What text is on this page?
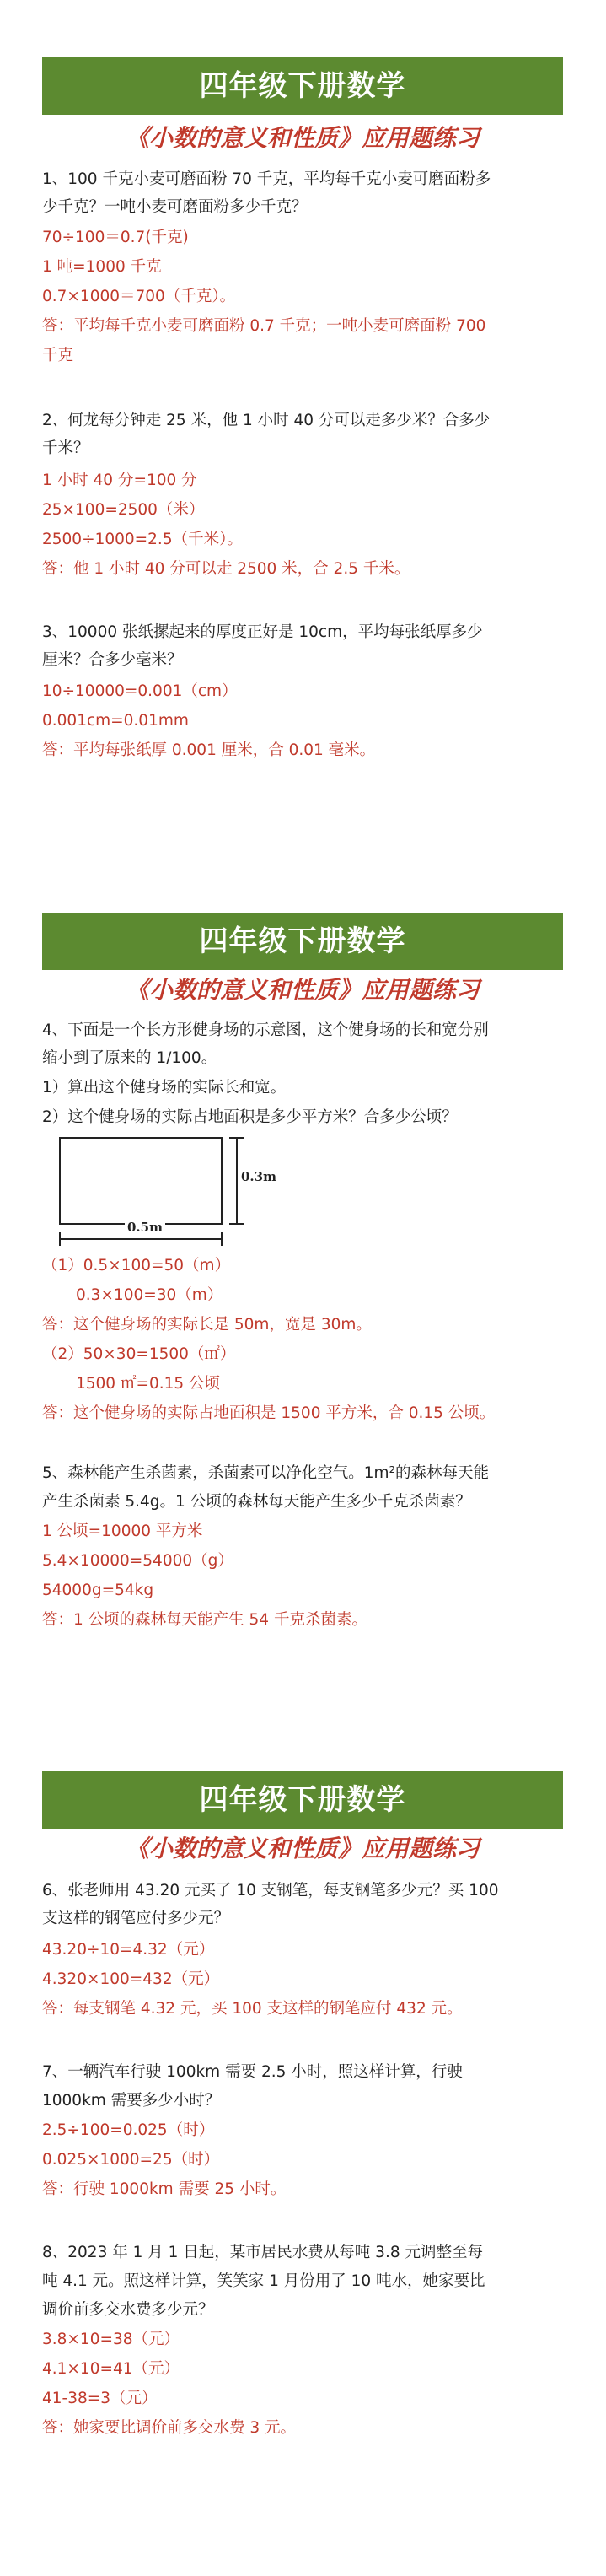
四年级下册数学
《小数的意义和性质》应用题练习
1、100 千克小麦可磨面粉 70 千克，平均每千克小麦可磨面粉多
少千克？一吨小麦可磨面粉多少千克？
70÷100＝0.7(千克)
1 吨=1000 千克
0.7×1000＝700（千克）。
答：平均每千克小麦可磨面粉 0.7 千克；一吨小麦可磨面粉 700
千克
2、何龙每分钟走 25 米，他 1 小时 40 分可以走多少米？合多少
千米？
1 小时 40 分=100 分
25×100=2500（米）
2500÷1000=2.5（千米）。
答：他 1 小时 40 分可以走 2500 米，合 2.5 千米。
3、10000 张纸摞起来的厚度正好是 10cm，平均每张纸厚多少
厘米？合多少毫米？
10÷10000=0.001（cm）
0.001cm=0.01mm
答：平均每张纸厚 0.001 厘米，合 0.01 毫米。
四年级下册数学
《小数的意义和性质》应用题练习
4、下面是一个长方形健身场的示意图，这个健身场的长和宽分别
缩小到了原来的 1/100。
1）算出这个健身场的实际长和宽。
2）这个健身场的实际占地面积是多少平方米？合多少公顷？
0.3m
0.5m
（1）0.5×100=50（m）
0.3×100=30（m）
答：这个健身场的实际长是 50m，宽是 30m。
（2）50×30=1500（㎡）
1500 ㎡=0.15 公顷
答：这个健身场的实际占地面积是 1500 平方米，合 0.15 公顷。
5、森林能产生杀菌素，杀菌素可以净化空气。1m²的森林每天能
产生杀菌素 5.4g。1 公顷的森林每天能产生多少千克杀菌素？
1 公顷=10000 平方米
5.4×10000=54000（g）
54000g=54kg
答：1 公顷的森林每天能产生 54 千克杀菌素。
四年级下册数学
《小数的意义和性质》应用题练习
6、张老师用 43.20 元买了 10 支钢笔，每支钢笔多少元？买 100
支这样的钢笔应付多少元？
43.20÷10=4.32（元）
4.320×100=432（元）
答：每支钢笔 4.32 元，买 100 支这样的钢笔应付 432 元。
7、一辆汽车行驶 100km 需要 2.5 小时，照这样计算，行驶
1000km 需要多少小时？
2.5÷100=0.025（时）
0.025×1000=25（时）
答：行驶 1000km 需要 25 小时。
8、2023 年 1 月 1 日起，某市居民水费从每吨 3.8 元调整至每
吨 4.1 元。照这样计算，笑笑家 1 月份用了 10 吨水，她家要比
调价前多交水费多少元？
3.8×10=38（元）
4.1×10=41（元）
41-38=3（元）
答：她家要比调价前多交水费 3 元。
